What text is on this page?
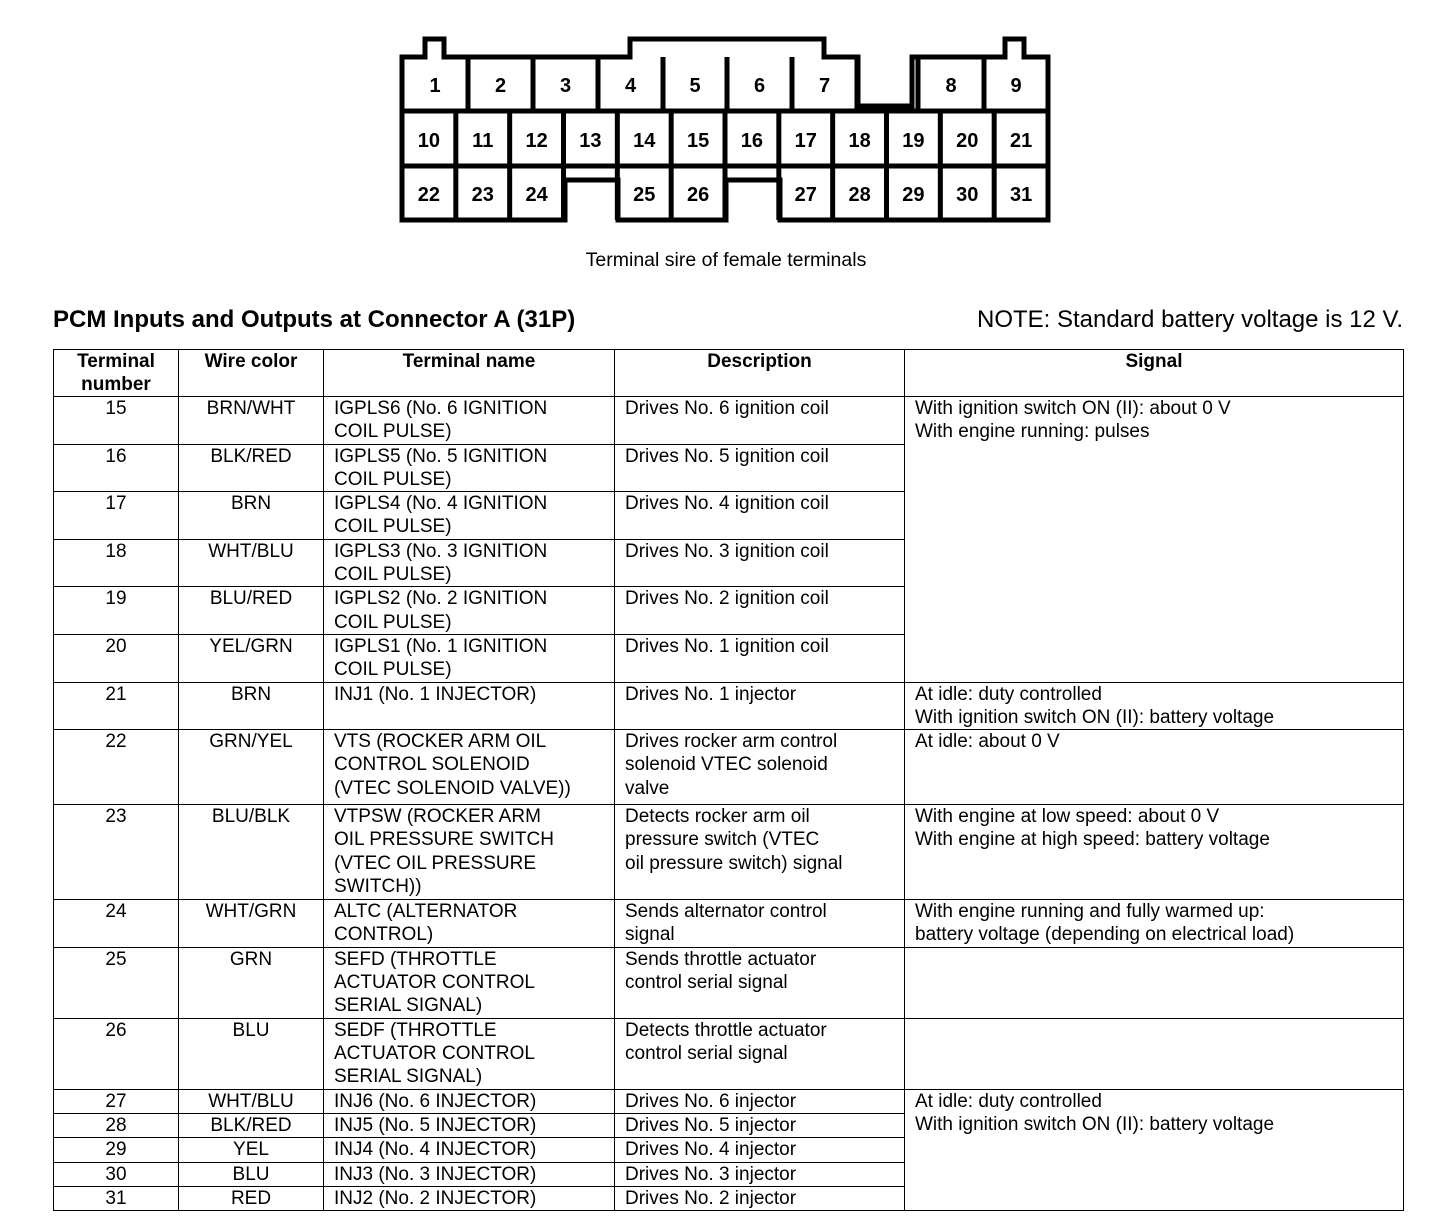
1	2	3	4	5	6	7	8	9
10 11 12 13 14 15 16 17 18 19 20 21
22 23 24	25 26	27 28 29 30 31
Terminal sire of female terminals
PCM Inputs and Outputs at Connector A (31P)	NOTE: Standard battery voltage is 12 V.
Terminal
number	Wire color	Terminal name	Description	Signal
15	BRN/WHT	IGPLS6 (No. 6 IGNITION
COIL PULSE)	Drives No. 6 ignition coil	With ignition switch ON (II): about 0 V
With engine running: pulses
16	BLK/RED	IGPLS5 (No. 5 IGNITION
COIL PULSE)	Drives No. 5 ignition coil	
17	BRN	IGPLS4 (No. 4 IGNITION
COIL PULSE)	Drives No. 4 ignition coil	
18	WHT/BLU	IGPLS3 (No. 3 IGNITION
COIL PULSE)	Drives No. 3 ignition coil	
19	BLU/RED	IGPLS2 (No. 2 IGNITION
COIL PULSE)	Drives No. 2 ignition coil	
20	YEL/GRN	IGPLS1 (No. 1 IGNITION
COIL PULSE)	Drives No. 1 ignition coil	
21	BRN	INJ1 (No. 1 INJECTOR)	Drives No. 1 injector	At idle: duty controlled
With ignition switch ON (II): battery voltage
22	GRN/YEL	VTS (ROCKER ARM OIL
CONTROL SOLENOID
(VTEC SOLENOID VALVE))	Drives rocker arm control
solenoid VTEC solenoid
valve	At idle: about 0 V
23	BLU/BLK	VTPSW (ROCKER ARM
OIL PRESSURE SWITCH
(VTEC OIL PRESSURE
SWITCH))	Detects rocker arm oil
pressure switch (VTEC
oil pressure switch) signal	With engine at low speed: about 0 V
With engine at high speed: battery voltage
24	WHT/GRN	ALTC (ALTERNATOR
CONTROL)	Sends alternator control
signal	With engine running and fully warmed up:
battery voltage (depending on electrical load)
25	GRN	SEFD (THROTTLE
ACTUATOR CONTROL
SERIAL SIGNAL)	Sends throttle actuator
control serial signal	
26	BLU	SEDF (THROTTLE
ACTUATOR CONTROL
SERIAL SIGNAL)	Detects throttle actuator
control serial signal	
27	WHT/BLU	INJ6 (No. 6 INJECTOR)	Drives No. 6 injector	At idle: duty controlled
With ignition switch ON (II): battery voltage
28	BLK/RED	INJ5 (No. 5 INJECTOR)	Drives No. 5 injector	
29	YEL	INJ4 (No. 4 INJECTOR)	Drives No. 4 injector	
30	BLU	INJ3 (No. 3 INJECTOR)	Drives No. 3 injector	
31	RED	INJ2 (No. 2 INJECTOR)	Drives No. 2 injector	
